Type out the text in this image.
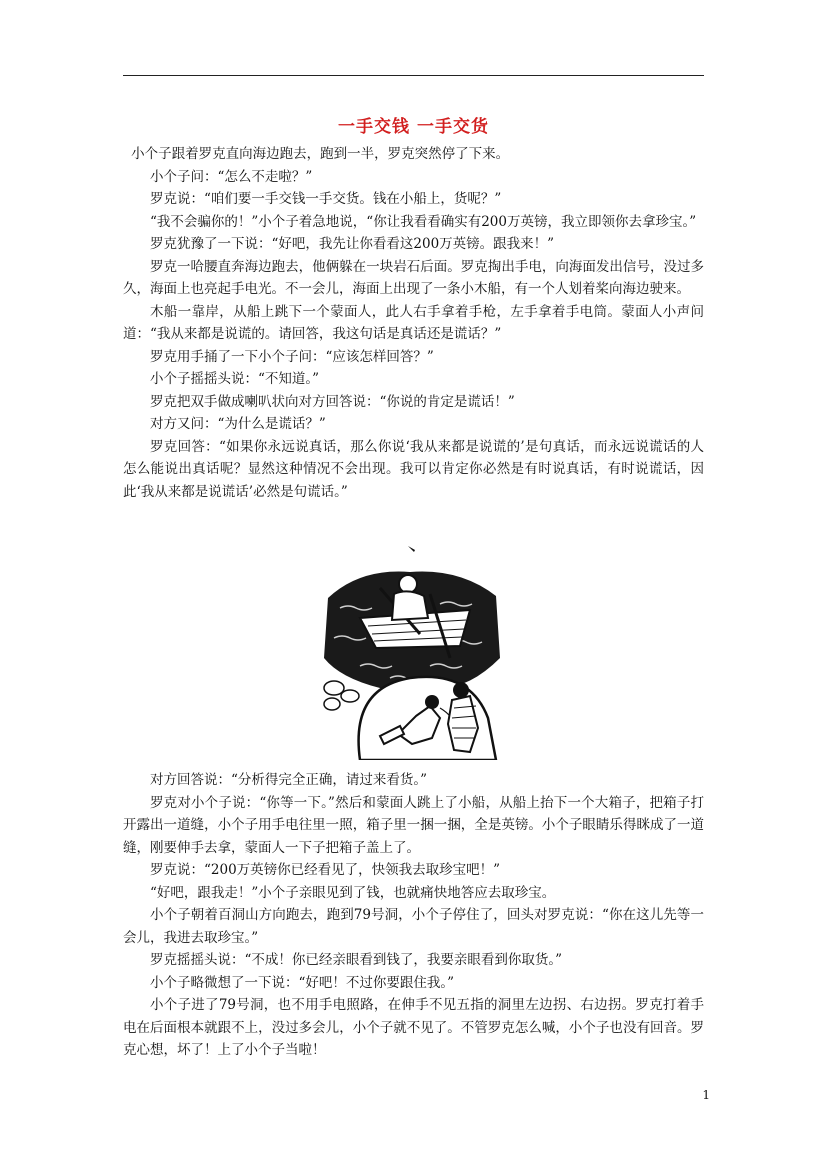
一手交钱 一手交货

小个子跟着罗克直向海边跑去，跑到一半，罗克突然停了下来。

小个子问：“怎么不走啦？”

罗克说：“咱们要一手交钱一手交货。钱在小船上，货呢？”

“我不会骗你的！”小个子着急地说，“你让我看看确实有200万英镑，我立即领你去拿珍宝。”

罗克犹豫了一下说：“好吧，我先让你看看这200万英镑。跟我来！”

罗克一哈腰直奔海边跑去，他俩躲在一块岩石后面。罗克掏出手电，向海面发出信号，没过多久，海面上也亮起手电光。不一会儿，海面上出现了一条小木船，有一个人划着桨向海边驶来。

木船一靠岸，从船上跳下一个蒙面人，此人右手拿着手枪，左手拿着手电筒。蒙面人小声问道：“我从来都是说谎的。请回答，我这句话是真话还是谎话？”

罗克用手捅了一下小个子问：“应该怎样回答？”

小个子摇摇头说：“不知道。”

罗克把双手做成喇叭状向对方回答说：“你说的肯定是谎话！”

对方又问：“为什么是谎话？”

罗克回答：“如果你永远说真话，那么你说‘我从来都是说谎的’是句真话，而永远说谎话的人怎么能说出真话呢？显然这种情况不会出现。我可以肯定你必然是有时说真话，有时说谎话，因此‘我从来都是说谎话’必然是句谎话。”

对方回答说：“分析得完全正确，请过来看货。”

罗克对小个子说：“你等一下。”然后和蒙面人跳上了小船，从船上抬下一个大箱子，把箱子打开露出一道缝，小个子用手电往里一照，箱子里一捆一捆，全是英镑。小个子眼睛乐得眯成了一道缝，刚要伸手去拿，蒙面人一下子把箱子盖上了。

罗克说：“200万英镑你已经看见了，快领我去取珍宝吧！”

“好吧，跟我走！”小个子亲眼见到了钱，也就痛快地答应去取珍宝。

小个子朝着百洞山方向跑去，跑到79号洞，小个子停住了，回头对罗克说：“你在这儿先等一会儿，我进去取珍宝。”

罗克摇摇头说：“不成！你已经亲眼看到钱了，我要亲眼看到你取货。”

小个子略微想了一下说：“好吧！不过你要跟住我。”

小个子进了79号洞，也不用手电照路，在伸手不见五指的洞里左边拐、右边拐。罗克打着手电在后面根本就跟不上，没过多会儿，小个子就不见了。不管罗克怎么喊，小个子也没有回音。罗克心想，坏了！上了小个子当啦！

1
